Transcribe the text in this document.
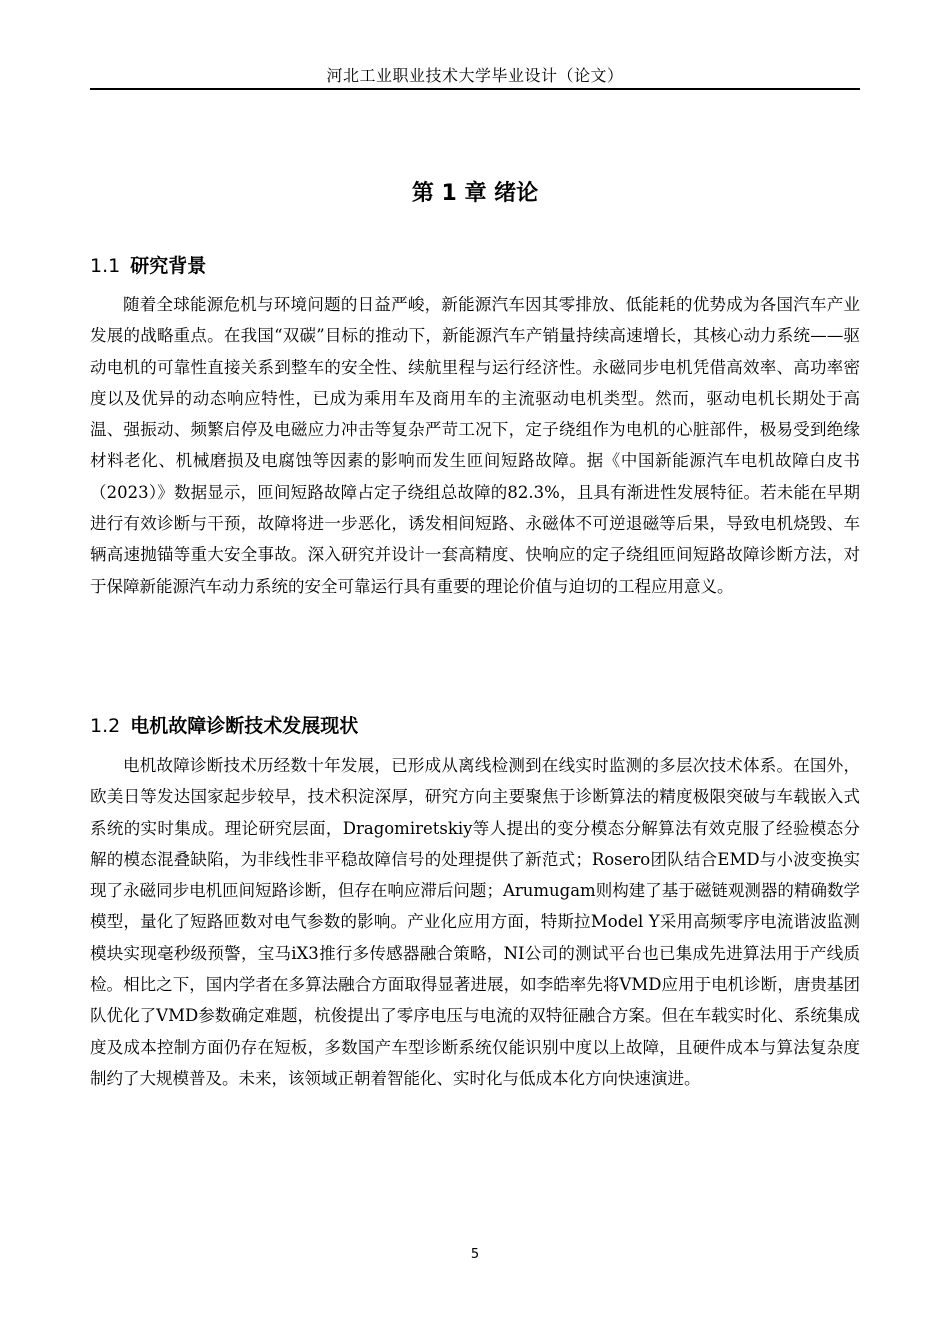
河北工业职业技术大学毕业设计（论文）
第 1 章 绪论
1.1 研究背景

随着全球能源危机与环境问题的日益严峻，新能源汽车因其零排放、低能耗的优势成为各国汽车产业发展的战略重点。在我国“双碳”目标的推动下，新能源汽车产销量持续高速增长，其核心动力系统——驱动电机的可靠性直接关系到整车的安全性、续航里程与运行经济性。永磁同步电机凭借高效率、高功率密度以及优异的动态响应特性，已成为乘用车及商用车的主流驱动电机类型。然而，驱动电机长期处于高温、强振动、频繁启停及电磁应力冲击等复杂严苛工况下，定子绕组作为电机的心脏部件，极易受到绝缘材料老化、机械磨损及电腐蚀等因素的影响而发生匝间短路故障。据《中国新能源汽车电机故障白皮书（2023）》数据显示，匝间短路故障占定子绕组总故障的82.3%，且具有渐进性发展特征。若未能在早期进行有效诊断与干预，故障将进一步恶化，诱发相间短路、永磁体不可逆退磁等后果，导致电机烧毁、车辆高速抛锚等重大安全事故。深入研究并设计一套高精度、快响应的定子绕组匝间短路故障诊断方法，对于保障新能源汽车动力系统的安全可靠运行具有重要的理论价值与迫切的工程应用意义。

1.2 电机故障诊断技术发展现状

电机故障诊断技术历经数十年发展，已形成从离线检测到在线实时监测的多层次技术体系。在国外，欧美日等发达国家起步较早，技术积淀深厚，研究方向主要聚焦于诊断算法的精度极限突破与车载嵌入式系统的实时集成。理论研究层面，Dragomiretskiy等人提出的变分模态分解算法有效克服了经验模态分解的模态混叠缺陷，为非线性非平稳故障信号的处理提供了新范式；Rosero团队结合EMD与小波变换实现了永磁同步电机匝间短路诊断，但存在响应滞后问题；Arumugam则构建了基于磁链观测器的精确数学模型，量化了短路匝数对电气参数的影响。产业化应用方面，特斯拉Model Y采用高频零序电流谐波监测模块实现毫秒级预警，宝马iX3推行多传感器融合策略，NI公司的测试平台也已集成先进算法用于产线质检。相比之下，国内学者在多算法融合方面取得显著进展，如李皓率先将VMD应用于电机诊断，唐贵基团队优化了VMD参数确定难题，杭俊提出了零序电压与电流的双特征融合方案。但在车载实时化、系统集成度及成本控制方面仍存在短板，多数国产车型诊断系统仅能识别中度以上故障，且硬件成本与算法复杂度制约了大规模普及。未来，该领域正朝着智能化、实时化与低成本化方向快速演进。

5
